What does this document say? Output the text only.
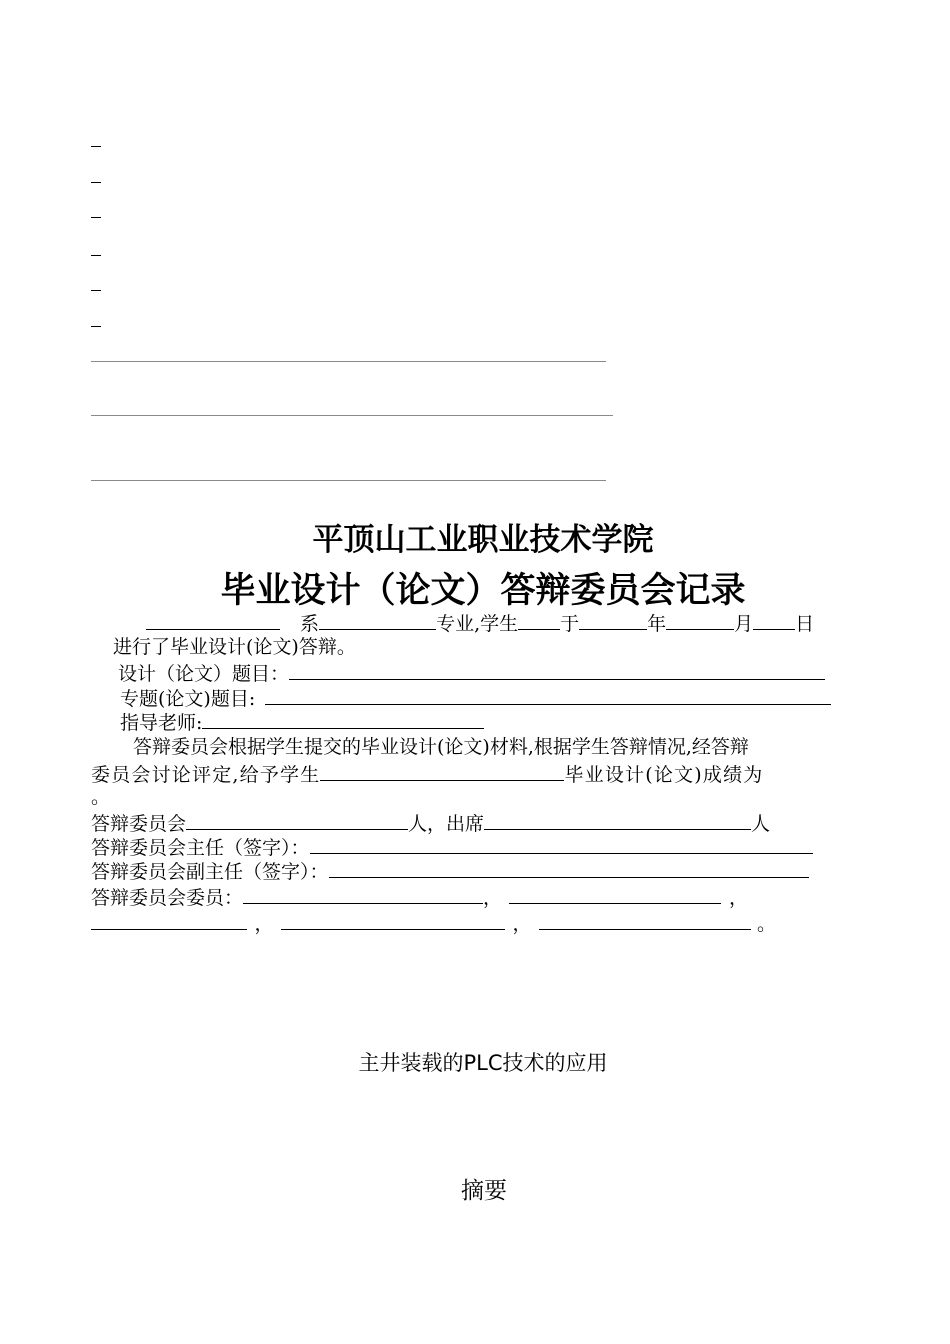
平顶山工业职业技术学院
毕业设计（论文）答辩委员会记录
系	专业,学生 于	年	月 日
进行了毕业设计(论文)答辩。
设计（论文）题目：
专题(论文)题目:
指导老师:
答辩委员会根据学生提交的毕业设计(论文)材料,根据学生答辩情况,经答辩
委员会讨论评定,给予学生	毕业设计(论文)成绩为
。
答辩委员会	人，出席	人
答辩委员会主任（签字）：
答辩委员会副主任（签字）：
答辩委员会委员：	，	，
，	，	。
主井装载的PLC技术的应用
摘要
